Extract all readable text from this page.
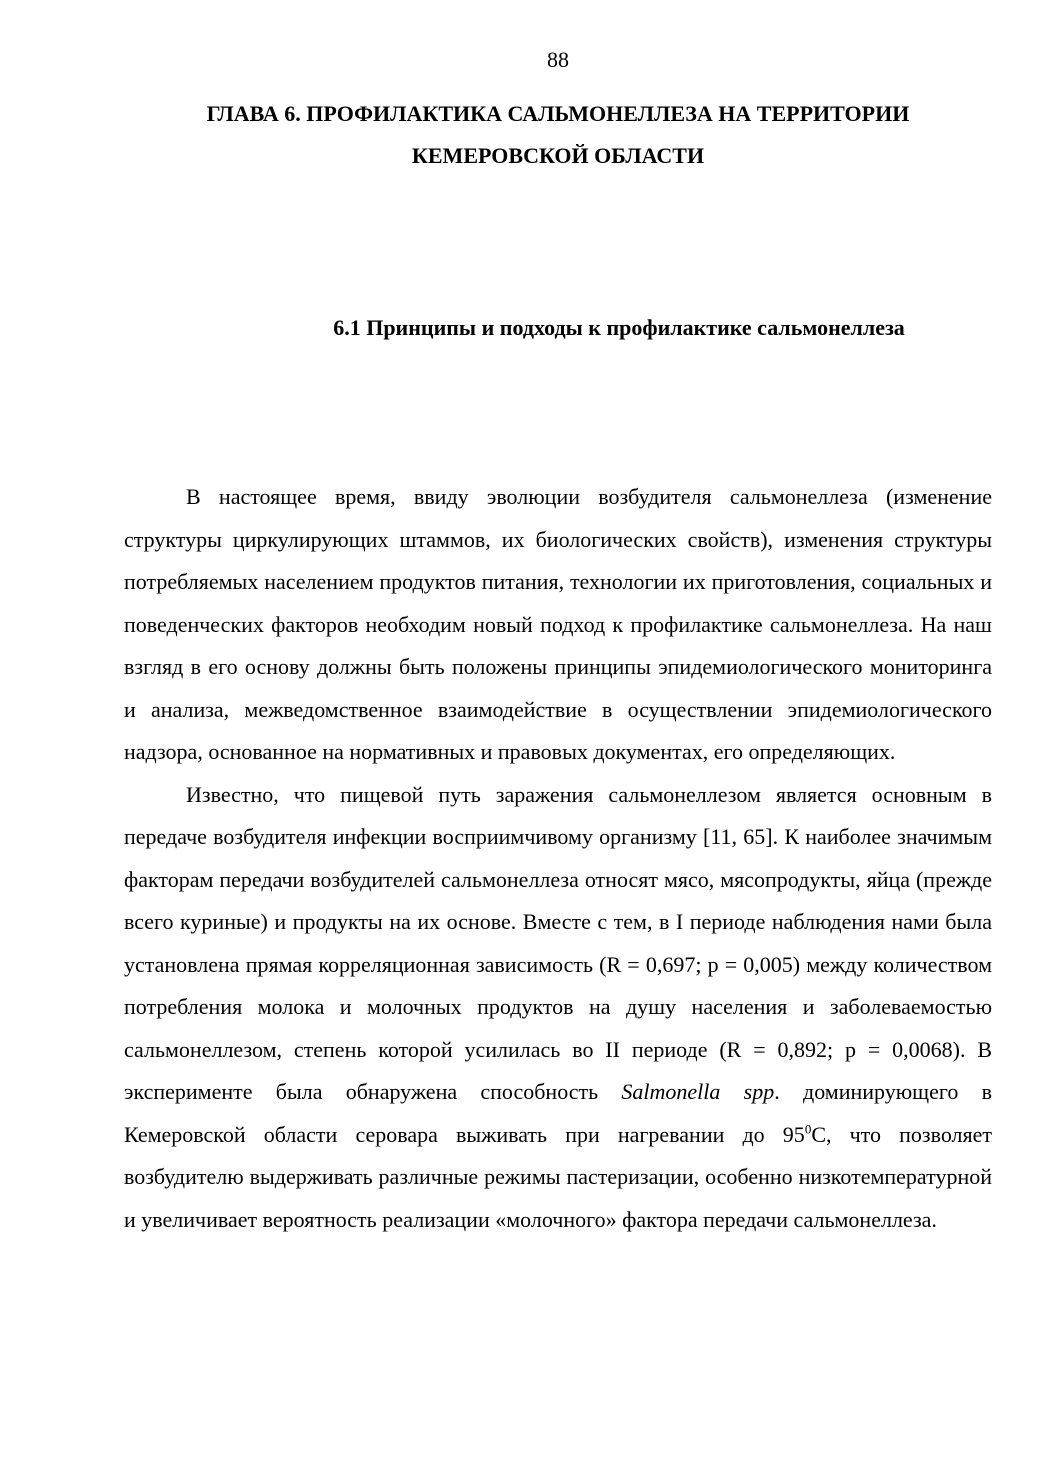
88
ГЛАВА 6. ПРОФИЛАКТИКА САЛЬМОНЕЛЛЕЗА НА ТЕРРИТОРИИ КЕМЕРОВСКОЙ ОБЛАСТИ
6.1 Принципы и подходы к профилактике сальмонеллеза

В настоящее время, ввиду эволюции возбудителя сальмонеллеза (изменение структуры циркулирующих штаммов, их биологических свойств), изменения структуры потребляемых населением продуктов питания, технологии их приготовления, социальных и поведенческих факторов необходим новый подход к профилактике сальмонеллеза. На наш взгляд в его основу должны быть положены принципы эпидемиологического мониторинга и анализа, межведомственное взаимодействие в осуществлении эпидемиологического надзора, основанное на нормативных и правовых документах, его определяющих.

Известно, что пищевой путь заражения сальмонеллезом является основным в передаче возбудителя инфекции восприимчивому организму [11, 65]. К наиболее значимым факторам передачи возбудителей сальмонеллеза относят мясо, мясопродукты, яйца (прежде всего куриные) и продукты на их основе. Вместе с тем, в I периоде наблюдения нами была установлена прямая корреляционная зависимость (R = 0,697; p = 0,005) между количеством потребления молока и молочных продуктов на душу населения и заболеваемостью сальмонеллезом, степень которой усилилась во II периоде (R = 0,892; p = 0,0068). В эксперименте была обнаружена способность Salmonella spp. доминирующего в Кемеровской области серовара выживать при нагревании до $95^0С$, что позволяет возбудителю выдерживать различные режимы пастеризации, особенно низкотемпературной и увеличивает вероятность реализации «молочного» фактора передачи сальмонеллеза.
